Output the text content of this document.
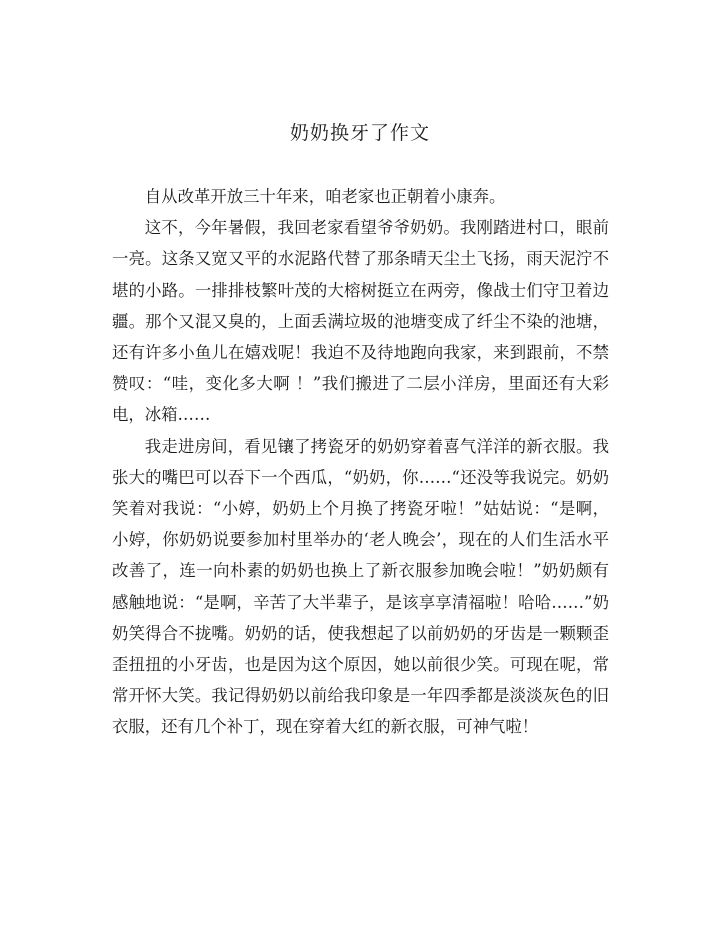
奶奶换牙了作文

自从改革开放三十年来，咱老家也正朝着小康奔。

这不，今年暑假，我回老家看望爷爷奶奶。我刚踏进村口，眼前一亮。这条又宽又平的水泥路代替了那条晴天尘土飞扬，雨天泥泞不堪的小路。一排排枝繁叶茂的大榕树挺立在两旁，像战士们守卫着边疆。那个又混又臭的，上面丢满垃圾的池塘变成了纤尘不染的池塘，还有许多小鱼儿在嬉戏呢！我迫不及待地跑向我家，来到跟前，不禁赞叹：“哇，变化多大啊 ！”我们搬进了二层小洋房，里面还有大彩电，冰箱……

我走进房间，看见镶了拷瓷牙的奶奶穿着喜气洋洋的新衣服。我张大的嘴巴可以吞下一个西瓜，“奶奶，你……“还没等我说完。奶奶笑着对我说：“小婷，奶奶上个月换了拷瓷牙啦！”姑姑说：“是啊，小婷，你奶奶说要参加村里举办的‘老人晚会’，现在的人们生活水平改善了，连一向朴素的奶奶也换上了新衣服参加晚会啦！”奶奶颇有感触地说：“是啊，辛苦了大半辈子，是该享享清福啦！哈哈……”奶奶笑得合不拢嘴。奶奶的话，使我想起了以前奶奶的牙齿是一颗颗歪歪扭扭的小牙齿，也是因为这个原因，她以前很少笑。可现在呢，常常开怀大笑。我记得奶奶以前给我印象是一年四季都是淡淡灰色的旧衣服，还有几个补丁，现在穿着大红的新衣服，可神气啦！
